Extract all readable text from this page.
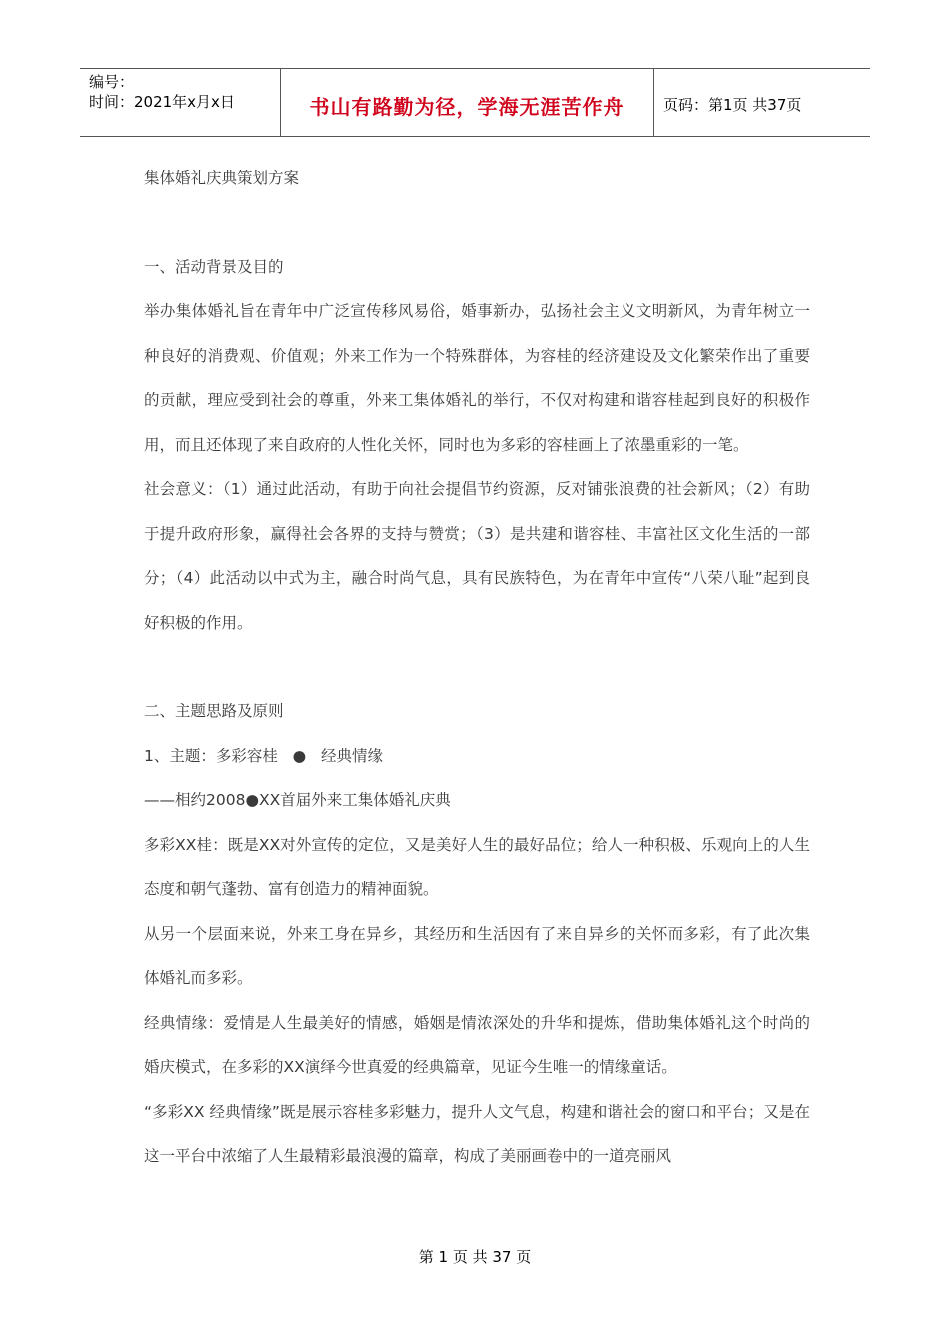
编号：
时间：2021年x月x日	书山有路勤为径，学海无涯苦作舟	页码：第1页 共37页

集体婚礼庆典策划方案

一、活动背景及目的

举办集体婚礼旨在青年中广泛宣传移风易俗，婚事新办，弘扬社会主义文明新风，为青年树立一种良好的消费观、价值观；外来工作为一个特殊群体，为容桂的经济建设及文化繁荣作出了重要的贡献，理应受到社会的尊重，外来工集体婚礼的举行，不仅对构建和谐容桂起到良好的积极作用，而且还体现了来自政府的人性化关怀，同时也为多彩的容桂画上了浓墨重彩的一笔。

社会意义：（1）通过此活动，有助于向社会提倡节约资源，反对铺张浪费的社会新风；（2）有助于提升政府形象，赢得社会各界的支持与赞赏；（3）是共建和谐容桂、丰富社区文化生活的一部分；（4）此活动以中式为主，融合时尚气息，具有民族特色，为在青年中宣传“八荣八耻”起到良好积极的作用。

二、主题思路及原则

1、主题：多彩容桂   ●   经典情缘

——相约2008●XX首届外来工集体婚礼庆典

多彩XX桂：既是XX对外宣传的定位，又是美好人生的最好品位；给人一种积极、乐观向上的人生态度和朝气蓬勃、富有创造力的精神面貌。

从另一个层面来说，外来工身在异乡，其经历和生活因有了来自异乡的关怀而多彩，有了此次集体婚礼而多彩。

经典情缘：爱情是人生最美好的情感，婚姻是情浓深处的升华和提炼，借助集体婚礼这个时尚的婚庆模式，在多彩的XX演绎今世真爱的经典篇章，见证今生唯一的情缘童话。

“多彩XX 经典情缘”既是展示容桂多彩魅力，提升人文气息，构建和谐社会的窗口和平台；又是在这一平台中浓缩了人生最精彩最浪漫的篇章，构成了美丽画卷中的一道亮丽风

第 1 页 共 37 页
